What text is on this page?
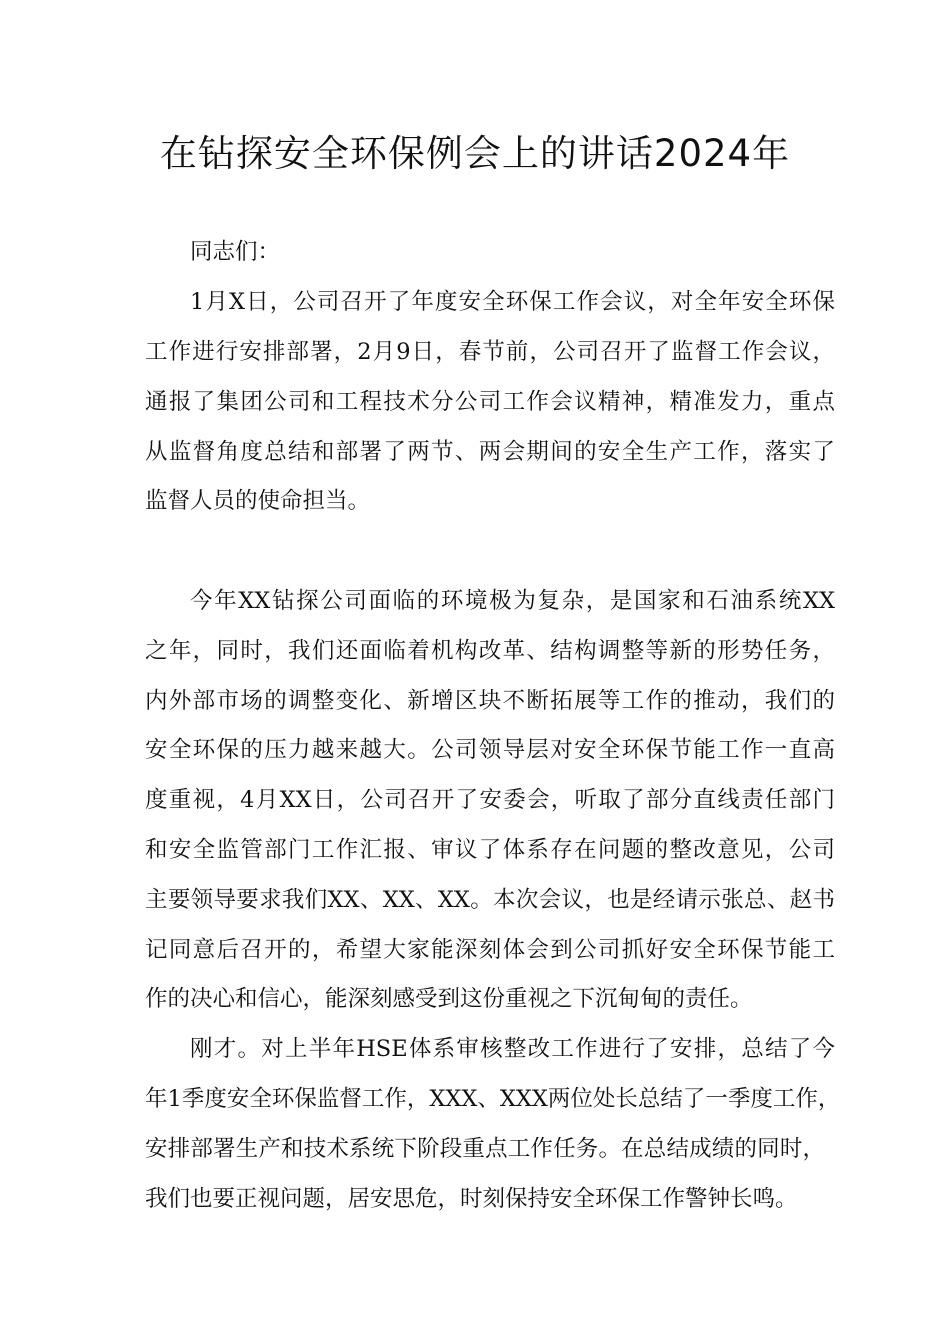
在钻探安全环保例会上的讲话2024年
同志们：
1月X日，公司召开了年度安全环保工作会议，对全年安全环保
工作进行安排部署，2月9日，春节前，公司召开了监督工作会议，
通报了集团公司和工程技术分公司工作会议精神，精准发力，重点
从监督角度总结和部署了两节、两会期间的安全生产工作，落实了
监督人员的使命担当。
今年XX钻探公司面临的环境极为复杂，是国家和石油系统XX
之年，同时，我们还面临着机构改革、结构调整等新的形势任务，
内外部市场的调整变化、新增区块不断拓展等工作的推动，我们的
安全环保的压力越来越大。公司领导层对安全环保节能工作一直高
度重视，4月XX日，公司召开了安委会，听取了部分直线责任部门
和安全监管部门工作汇报、审议了体系存在问题的整改意见，公司
主要领导要求我们XX、XX、XX。本次会议，也是经请示张总、赵书
记同意后召开的，希望大家能深刻体会到公司抓好安全环保节能工
作的决心和信心，能深刻感受到这份重视之下沉甸甸的责任。
刚才。对上半年HSE体系审核整改工作进行了安排，总结了今
年1季度安全环保监督工作，XXX、XXX两位处长总结了一季度工作，
安排部署生产和技术系统下阶段重点工作任务。在总结成绩的同时，
我们也要正视问题，居安思危，时刻保持安全环保工作警钟长鸣。
